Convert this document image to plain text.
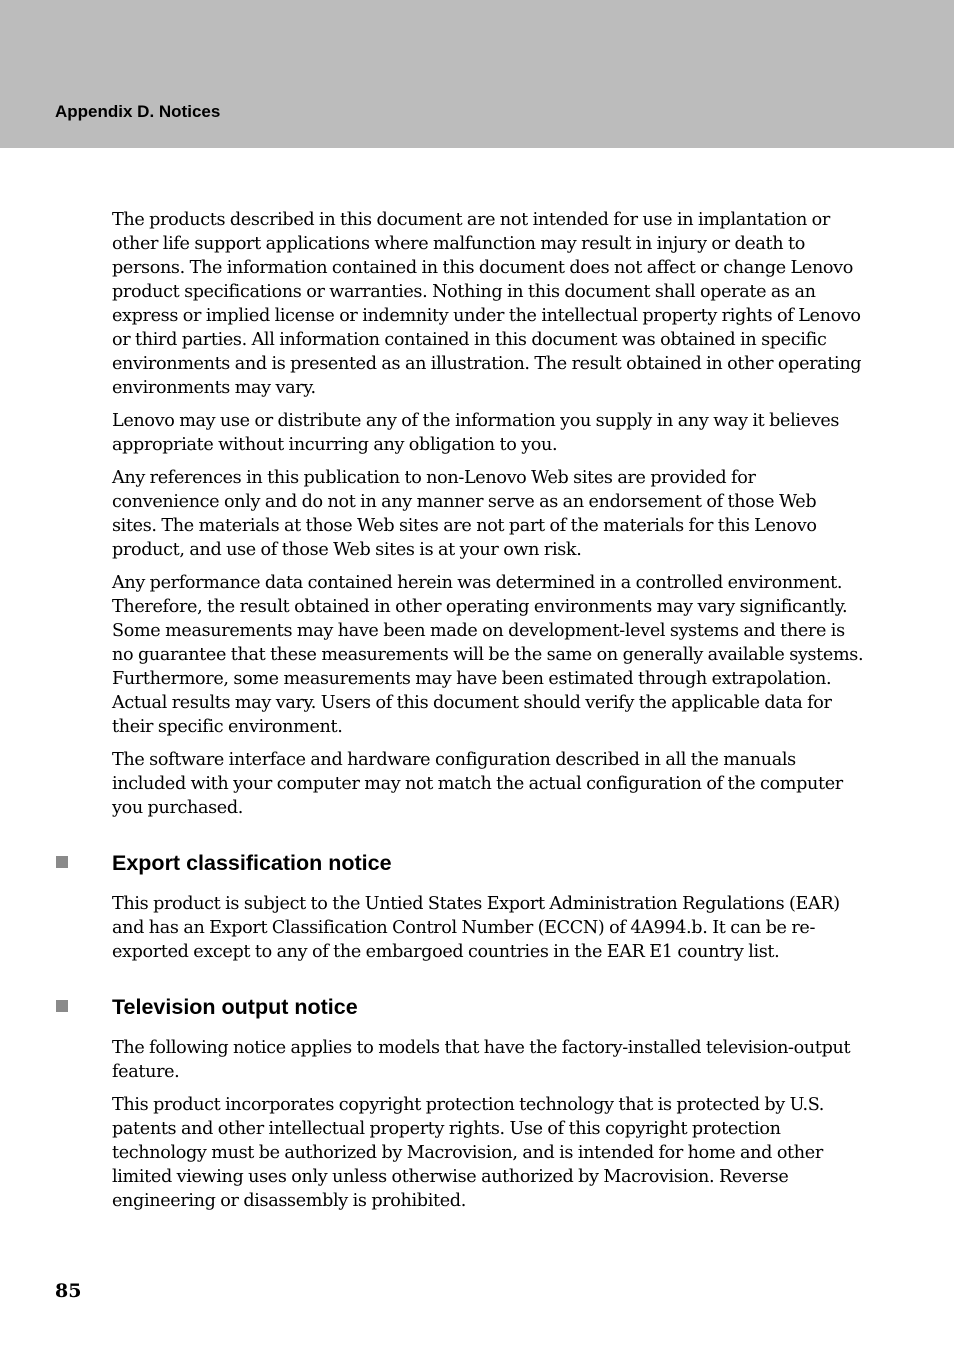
Appendix D. Notices

The products described in this document are not intended for use in implantation or other life support applications where malfunction may result in injury or death to persons. The information contained in this document does not affect or change Lenovo product specifications or warranties. Nothing in this document shall operate as an express or implied license or indemnity under the intellectual property rights of Lenovo or third parties. All information contained in this document was obtained in specific environments and is presented as an illustration. The result obtained in other operating environments may vary.

Lenovo may use or distribute any of the information you supply in any way it believes appropriate without incurring any obligation to you.

Any references in this publication to non-Lenovo Web sites are provided for convenience only and do not in any manner serve as an endorsement of those Web sites. The materials at those Web sites are not part of the materials for this Lenovo product, and use of those Web sites is at your own risk.

Any performance data contained herein was determined in a controlled environment. Therefore, the result obtained in other operating environments may vary significantly. Some measurements may have been made on development-level systems and there is no guarantee that these measurements will be the same on generally available systems. Furthermore, some measurements may have been estimated through extrapolation. Actual results may vary. Users of this document should verify the applicable data for their specific environment.

The software interface and hardware configuration described in all the manuals included with your computer may not match the actual configuration of the computer you purchased.

Export classification notice

This product is subject to the Untied States Export Administration Regulations (EAR) and has an Export Classification Control Number (ECCN) of 4A994.b. It can be re-exported except to any of the embargoed countries in the EAR E1 country list.

Television output notice

The following notice applies to models that have the factory-installed television-output feature.

This product incorporates copyright protection technology that is protected by U.S. patents and other intellectual property rights. Use of this copyright protection technology must be authorized by Macrovision, and is intended for home and other limited viewing uses only unless otherwise authorized by Macrovision. Reverse engineering or disassembly is prohibited.

85
